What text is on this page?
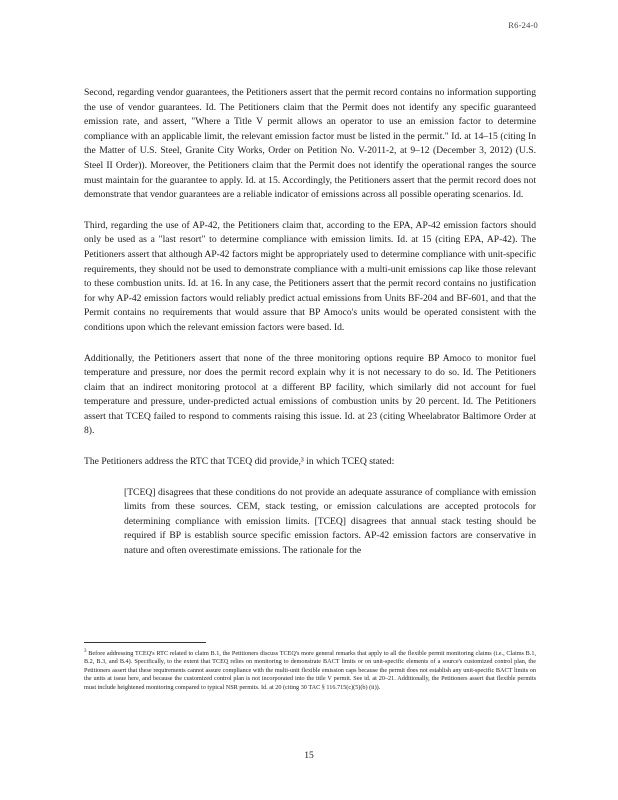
R6-24-0

Second, regarding vendor guarantees, the Petitioners assert that the permit record contains no information supporting the use of vendor guarantees. Id. The Petitioners claim that the Permit does not identify any specific guaranteed emission rate, and assert, "Where a Title V permit allows an operator to use an emission factor to determine compliance with an applicable limit, the relevant emission factor must be listed in the permit." Id. at 14–15 (citing In the Matter of U.S. Steel, Granite City Works, Order on Petition No. V-2011-2, at 9–12 (December 3, 2012) (U.S. Steel II Order)). Moreover, the Petitioners claim that the Permit does not identify the operational ranges the source must maintain for the guarantee to apply. Id. at 15. Accordingly, the Petitioners assert that the permit record does not demonstrate that vendor guarantees are a reliable indicator of emissions across all possible operating scenarios. Id.

Third, regarding the use of AP-42, the Petitioners claim that, according to the EPA, AP-42 emission factors should only be used as a "last resort" to determine compliance with emission limits. Id. at 15 (citing EPA, AP-42). The Petitioners assert that although AP-42 factors might be appropriately used to determine compliance with unit-specific requirements, they should not be used to demonstrate compliance with a multi-unit emissions cap like those relevant to these combustion units. Id. at 16. In any case, the Petitioners assert that the permit record contains no justification for why AP-42 emission factors would reliably predict actual emissions from Units BF-204 and BF-601, and that the Permit contains no requirements that would assure that BP Amoco's units would be operated consistent with the conditions upon which the relevant emission factors were based. Id.

Additionally, the Petitioners assert that none of the three monitoring options require BP Amoco to monitor fuel temperature and pressure, nor does the permit record explain why it is not necessary to do so. Id. The Petitioners claim that an indirect monitoring protocol at a different BP facility, which similarly did not account for fuel temperature and pressure, under-predicted actual emissions of combustion units by 20 percent. Id. The Petitioners assert that TCEQ failed to respond to comments raising this issue. Id. at 23 (citing Wheelabrator Baltimore Order at 8).

The Petitioners address the RTC that TCEQ did provide,³ in which TCEQ stated:

[TCEQ] disagrees that these conditions do not provide an adequate assurance of compliance with emission limits from these sources. CEM, stack testing, or emission calculations are accepted protocols for determining compliance with emission limits. [TCEQ] disagrees that annual stack testing should be required if BP is establish source specific emission factors. AP-42 emission factors are conservative in nature and often overestimate emissions. The rationale for the

$^3$ Before addressing TCEQ's RTC related to claim B.1, the Petitioners discuss TCEQ's more general remarks that apply to all the flexible permit monitoring claims (i.e., Claims B.1, B.2, B.3, and B.4). Specifically, to the extent that TCEQ relies on monitoring to demonstrate BACT limits or on unit-specific elements of a source's customized control plan, the Petitioners assert that these requirements cannot assure compliance with the multi-unit flexible emission caps because the permit does not establish any unit-specific BACT limits on the units at issue here, and because the customized control plan is not incorporated into the title V permit. See id. at 20–21. Additionally, the Petitioners assert that flexible permits must include heightened monitoring compared to typical NSR permits. Id. at 20 (citing 30 TAC § 116.715(c)(5)(b) (ii)).
15
